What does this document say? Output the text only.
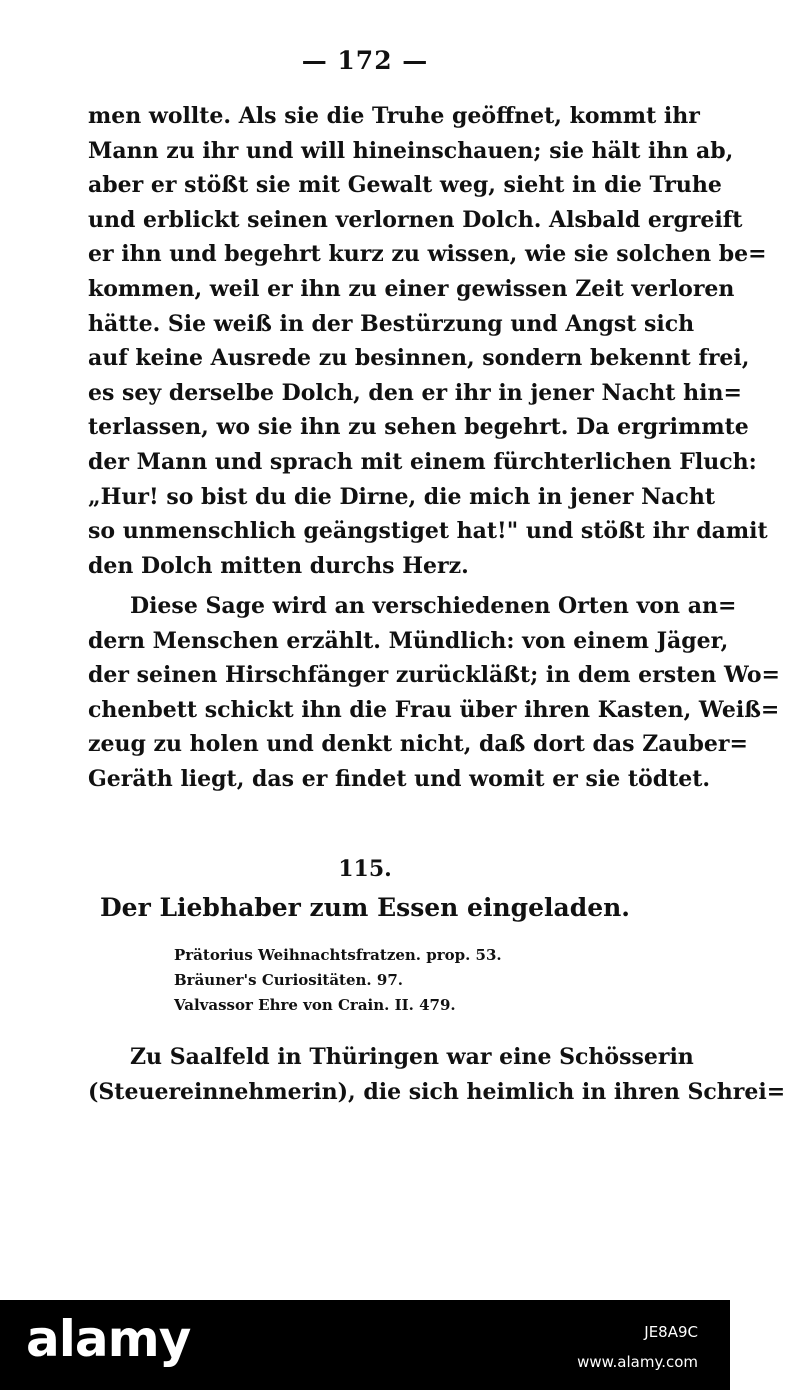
— 172 —
men wollte. Als sie die Truhe geöffnet, kommt ihr
Mann zu ihr und will hineinschauen; sie hält ihn ab,
aber er stößt sie mit Gewalt weg, sieht in die Truhe
und erblickt seinen verlornen Dolch. Alsbald ergreift
er ihn und begehrt kurz zu wissen, wie sie solchen be=
kommen, weil er ihn zu einer gewissen Zeit verloren
hätte. Sie weiß in der Bestürzung und Angst sich
auf keine Ausrede zu besinnen, sondern bekennt frei,
es sey derselbe Dolch, den er ihr in jener Nacht hin=
terlassen, wo sie ihn zu sehen begehrt. Da ergrimmte
der Mann und sprach mit einem fürchterlichen Fluch:
„Hur! so bist du die Dirne, die mich in jener Nacht
so unmenschlich geängstiget hat!" und stößt ihr damit
den Dolch mitten durchs Herz.
Diese Sage wird an verschiedenen Orten von an=
dern Menschen erzählt. Mündlich: von einem Jäger,
der seinen Hirschfänger zurückläßt; in dem ersten Wo=
chenbett schickt ihn die Frau über ihren Kasten, Weiß=
zeug zu holen und denkt nicht, daß dort das Zauber=
Geräth liegt, das er findet und womit er sie tödtet.
115.
Der Liebhaber zum Essen eingeladen.
Prätorius Weihnachtsfratzen. prop. 53.
Bräuner's Curiositäten. 97.
Valvassor Ehre von Crain. II. 479.
Zu Saalfeld in Thüringen war eine Schösserin
(Steuereinnehmerin), die sich heimlich in ihren Schrei=
alamy	JE8A9C
www.alamy.com
